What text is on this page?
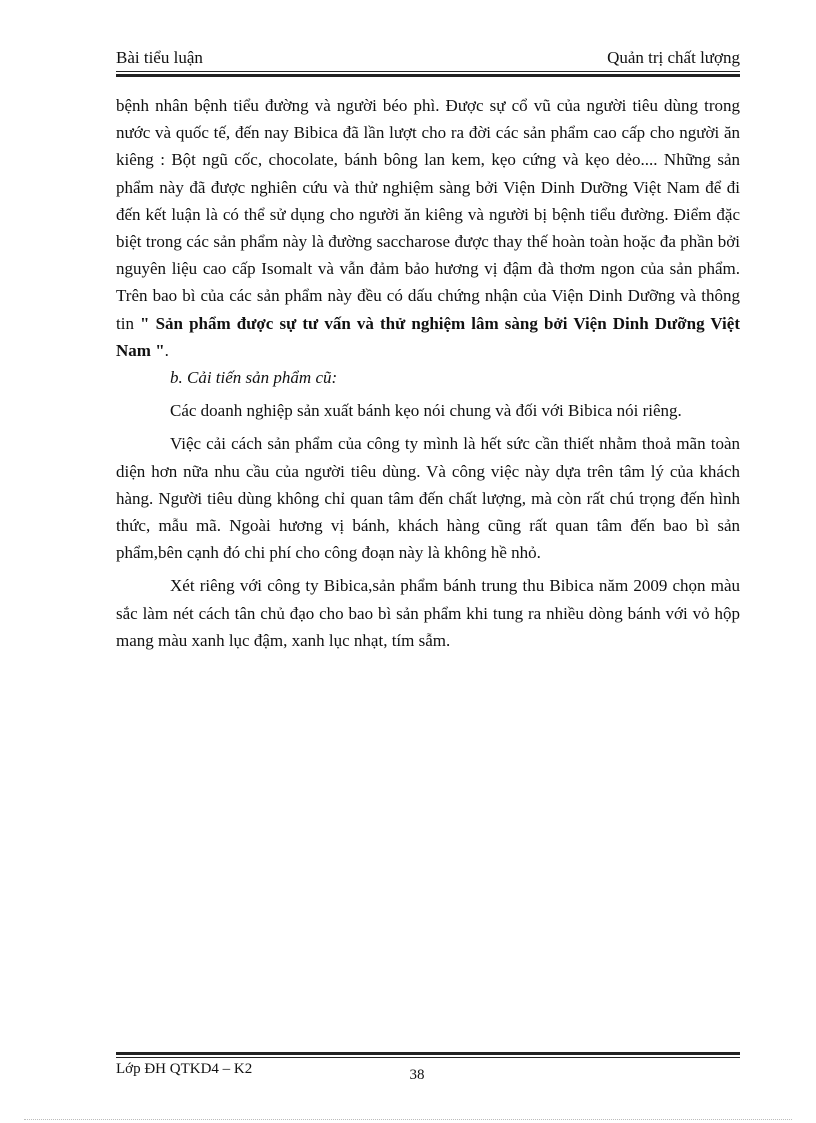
Bài tiểu luận	Quản trị chất lượng

bệnh nhân bệnh tiểu đường và người béo phì. Được sự cổ vũ của người tiêu dùng trong nước và quốc tế, đến nay Bibica đã lần lượt cho ra đời các sản phẩm cao cấp cho người ăn kiêng : Bột ngũ cốc, chocolate, bánh bông lan kem, kẹo cứng và kẹo dẻo.... Những sản phẩm này đã được nghiên cứu và thử nghiệm sàng bởi Viện Dinh Dưỡng Việt Nam để đi đến kết luận là có thể sử dụng cho người ăn kiêng và người bị bệnh tiểu đường. Điểm đặc biệt trong các sản phẩm này là đường saccharose được thay thế hoàn toàn hoặc đa phần bởi nguyên liệu cao cấp Isomalt và vẫn đảm bảo hương vị đậm đà thơm ngon của sản phẩm. Trên bao bì của các sản phẩm này đều có dấu chứng nhận của Viện Dinh Dưỡng và thông tin " Sản phẩm được sự tư vấn và thử nghiệm lâm sàng bởi Viện Dinh Dưỡng Việt Nam ".

b. Cải tiến sản phẩm cũ:

Các doanh nghiệp sản xuất bánh kẹo nói chung và đối với Bibica nói riêng.

Việc cải cách sản phẩm của công ty mình là hết sức cần thiết nhằm thoả mãn toàn diện hơn nữa nhu cầu của người tiêu dùng. Và công việc này dựa trên tâm lý của khách hàng. Người tiêu dùng không chỉ quan tâm đến chất lượng, mà còn rất chú trọng đến hình thức, mẫu mã. Ngoài hương vị bánh, khách hàng cũng rất quan tâm đến bao bì sản phẩm,bên cạnh đó chi phí cho công đoạn này là không hề nhỏ.

Xét riêng với công ty Bibica,sản phẩm bánh trung thu Bibica năm 2009 chọn màu sắc làm nét cách tân chủ đạo cho bao bì sản phẩm khi tung ra nhiều dòng bánh với vỏ hộp mang màu xanh lục đậm, xanh lục nhạt, tím sẫm.

Lớp ĐH QTKD4 – K2	38
